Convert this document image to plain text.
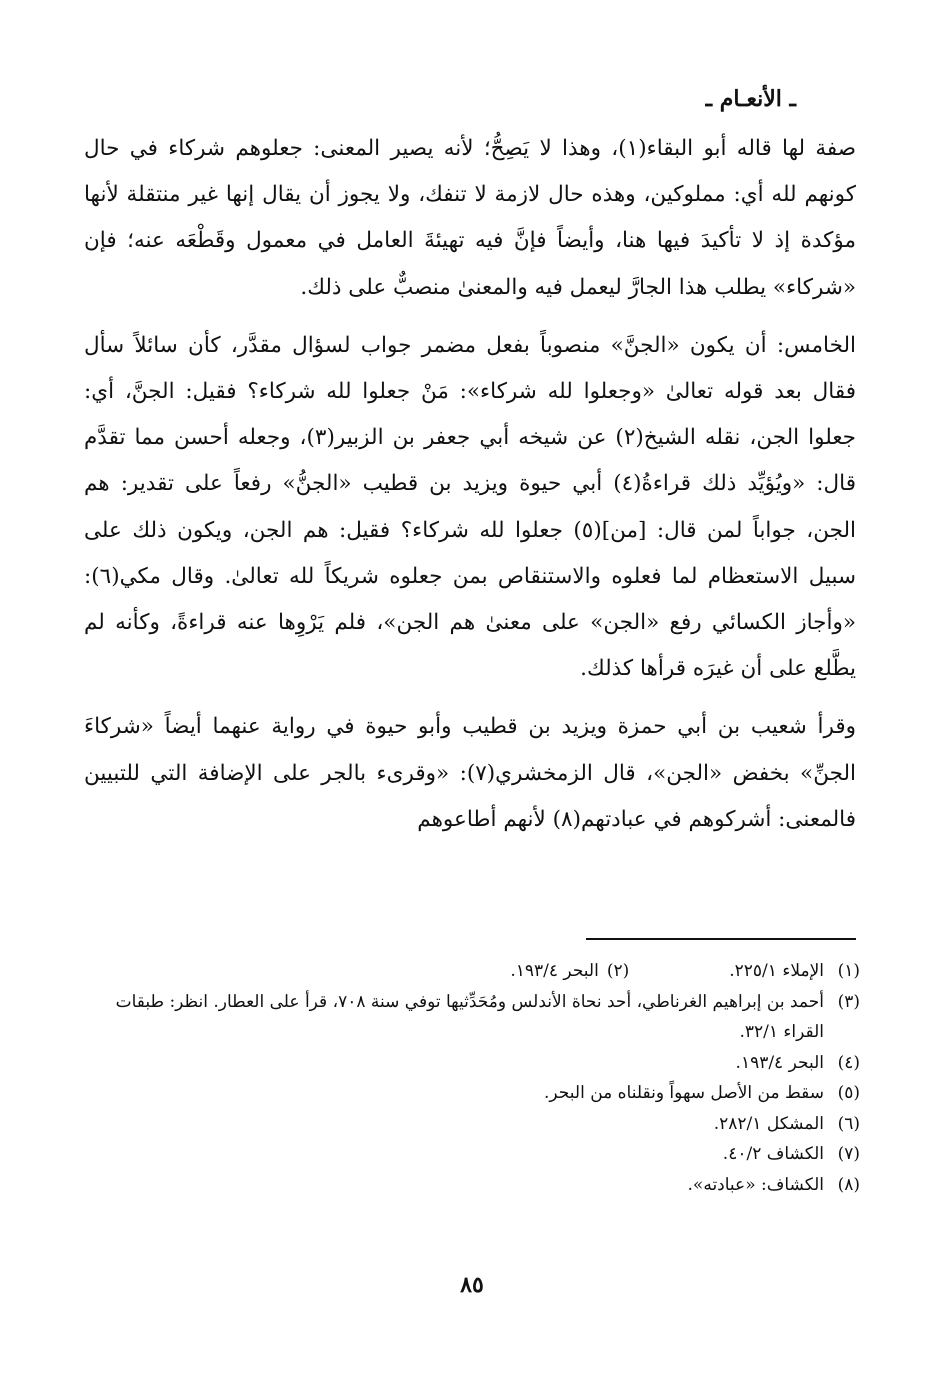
ـ الأنعـام ـ

صفة لها قاله أبو البقاء(١)، وهذا لا يَصِحُّ؛ لأنه يصير المعنى: جعلوهم شركاء في حال كونهم لله أي: مملوكين، وهذه حال لازمة لا تنفك، ولا يجوز أن يقال إنها غير منتقلة لأنها مؤكدة إذ لا تأكيدَ فيها هنا، وأيضاً فإنَّ فيه تهيئةَ العامل في معمول وقَطْعَه عنه؛ فإن «شركاء» يطلب هذا الجارَّ ليعمل فيه والمعنىٰ منصبٌّ على ذلك.

الخامس: أن يكون «الجنَّ» منصوباً بفعل مضمر جواب لسؤال مقدَّر، كأن سائلاً سأل فقال بعد قوله تعالىٰ «وجعلوا لله شركاء»: مَنْ جعلوا لله شركاء؟ فقيل: الجنَّ، أي: جعلوا الجن، نقله الشيخ(٢) عن شيخه أبي جعفر بن الزبير(٣)، وجعله أحسن مما تقدَّم قال: «ويُؤيِّد ذلك قراءةُ(٤) أبي حيوة ويزيد بن قطيب «الجنُّ» رفعاً على تقدير: هم الجن، جواباً لمن قال: [من](٥) جعلوا لله شركاء؟ فقيل: هم الجن، ويكون ذلك على سبيل الاستعظام لما فعلوه والاستنقاص بمن جعلوه شريكاً لله تعالىٰ. وقال مكي(٦): «وأجاز الكسائي رفع «الجن» على معنىٰ هم الجن»، فلم يَرْوِها عنه قراءةً، وكأنه لم يطَّلع على أن غيرَه قرأها كذلك.

وقرأ شعيب بن أبي حمزة ويزيد بن قطيب وأبو حيوة في رواية عنهما أيضاً «شركاءَ الجنِّ» بخفض «الجن»، قال الزمخشري(٧): «وقرىء بالجر على الإضافة التي للتبيين فالمعنى: أشركوهم في عبادتهم(٨) لأنهم أطاعوهم

(١)
الإملاء ٢٢٥/١.
(٢)
البحر ١٩٣/٤.
(٣)
أحمد بن إبراهيم الغرناطي، أحد نحاة الأندلس ومُحَدِّثيها توفي سنة ٧٠٨، قرأ على العطار. انظر: طبقات القراء ٣٢/١.
(٤)
البحر ١٩٣/٤.
(٥)
سقط من الأصل سهواً ونقلناه من البحر.
(٦)
المشكل ٢٨٢/١.
(٧)
الكشاف ٤٠/٢.
(٨)
الكشاف: «عبادته».
٨٥
